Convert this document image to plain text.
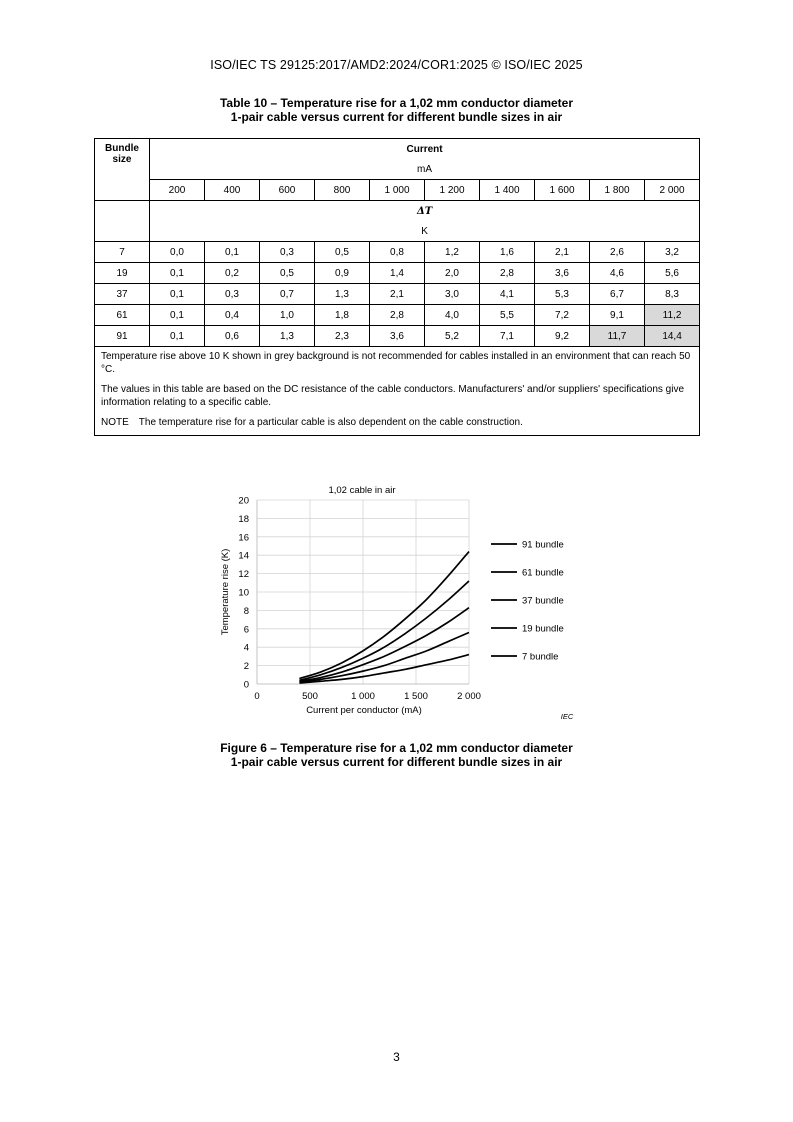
ISO/IEC TS 29125:2017/AMD2:2024/COR1:2025 © ISO/IEC 2025
Table 10 – Temperature rise for a 1,02 mm conductor diameter
1-pair cable versus current for different bundle sizes in air
Bundle
size	Current									
	mA									
	200	400	600	800	1 000	1 200	1 400	1 600	1 800	2 000
	ΔT									
	K									
7	0,0	0,1	0,3	0,5	0,8	1,2	1,6	2,1	2,6	3,2
19	0,1	0,2	0,5	0,9	1,4	2,0	2,8	3,6	4,6	5,6
37	0,1	0,3	0,7	1,3	2,1	3,0	4,1	5,3	6,7	8,3
61	0,1	0,4	1,0	1,8	2,8	4,0	5,5	7,2	9,1	11,2
91	0,1	0,6	1,3	2,3	3,6	5,2	7,1	9,2	11,7	14,4

Temperature rise above 10 K shown in grey background is not recommended for cables installed in an environment that can reach 50 °C.

The values in this table are based on the DC resistance of the cable conductors. Manufacturers' and/or suppliers' specifications give information relating to a specific cable.

NOTE The temperature rise for a particular cable is also dependent on the cable construction.										

1,02 cable in air
0
2
4
6
8
10
12
14
16
18
20
0	500	1 000	1 500	2 000
Temperature rise (K)
Current per conductor (mA)
91 bundle
61 bundle
37 bundle
19 bundle
7 bundle
IEC
Figure 6 – Temperature rise for a 1,02 mm conductor diameter
1-pair cable versus current for different bundle sizes in air
3
